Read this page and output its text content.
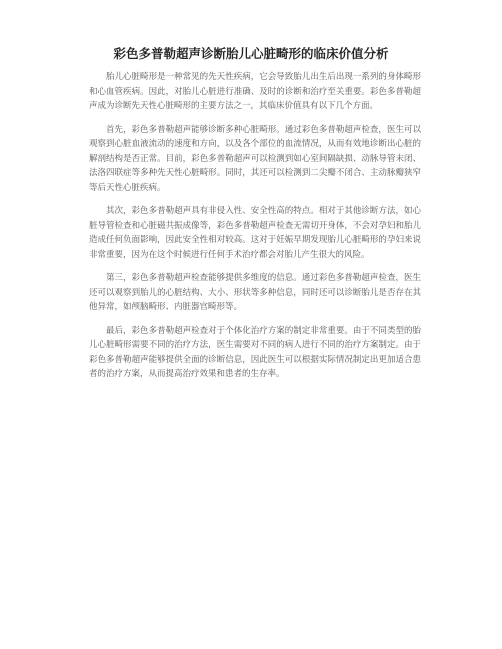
彩色多普勒超声诊断胎儿心脏畸形的临床价值分析

胎儿心脏畸形是一种常见的先天性疾病，它会导致胎儿出生后出现一系列的身体畸形和心血管疾病。因此，对胎儿心脏进行准确、及时的诊断和治疗至关重要。彩色多普勒超声成为诊断先天性心脏畸形的主要方法之一，其临床价值具有以下几个方面。

首先，彩色多普勒超声能够诊断多种心脏畸形。通过彩色多普勒超声检查，医生可以观察到心脏血液流动的速度和方向，以及各个部位的血流情况，从而有效地诊断出心脏的解剖结构是否正常。目前，彩色多普勒超声可以检测到如心室间隔缺损、动脉导管未闭、法洛四联症等多种先天性心脏畸形。同时，其还可以检测到二尖瓣不闭合、主动脉瓣狭窄等后天性心脏疾病。

其次，彩色多普勒超声具有非侵入性、安全性高的特点。相对于其他诊断方法，如心脏导管检查和心脏磁共振成像等，彩色多普勒超声检查无需切开身体，不会对孕妇和胎儿造成任何负面影响，因此安全性相对较高。这对于妊娠早期发现胎儿心脏畸形的孕妇来说非常重要，因为在这个时候进行任何手术治疗都会对胎儿产生很大的风险。

第三，彩色多普勒超声检查能够提供多维度的信息。通过彩色多普勒超声检查，医生还可以观察到胎儿的心脏结构、大小、形状等多种信息，同时还可以诊断胎儿是否存在其他异常，如颅脑畸形、内脏器官畸形等。

最后，彩色多普勒超声检查对于个体化治疗方案的制定非常重要。由于不同类型的胎儿心脏畸形需要不同的治疗方法，医生需要对不同的病人进行不同的治疗方案制定。由于彩色多普勒超声能够提供全面的诊断信息，因此医生可以根据实际情况制定出更加适合患者的治疗方案，从而提高治疗效果和患者的生存率。
